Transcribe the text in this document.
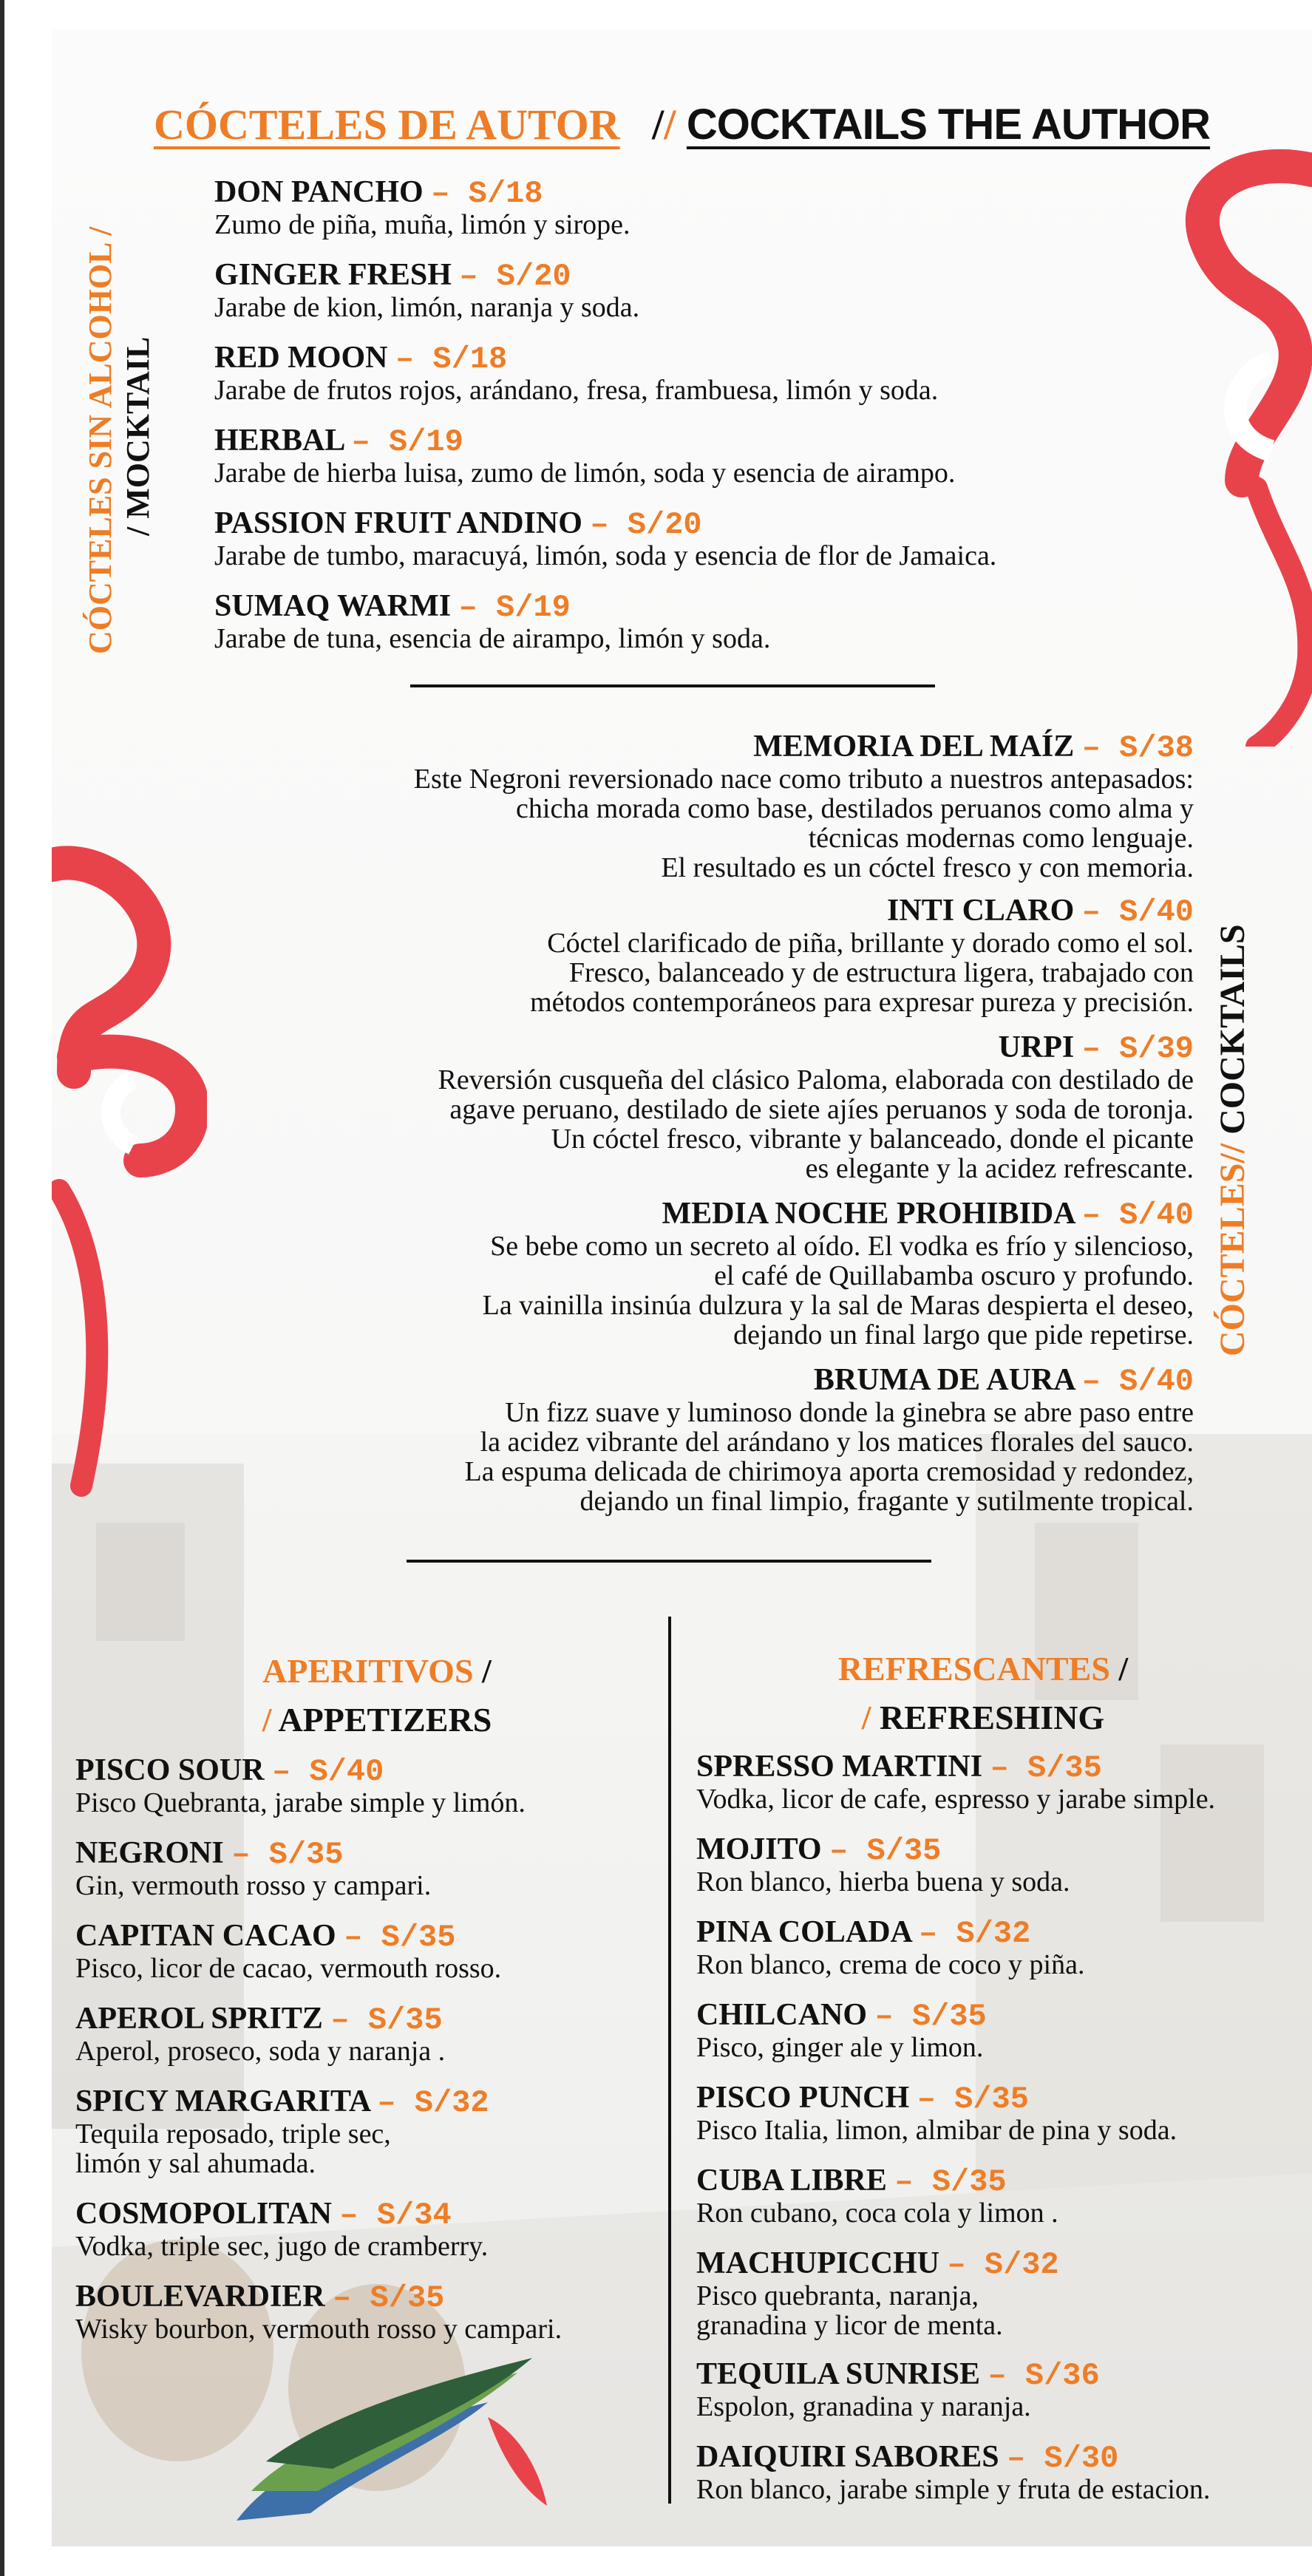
CÓCTELES DE AUTOR // COCKTAILS THE AUTHOR
CÓCTELES SIN ALCOHOL / / MOCKTAIL
DON PANCHO – S/18
Zumo de piña, muña, limón y sirope.
GINGER FRESH – S/20
Jarabe de kion, limón, naranja y soda.
RED MOON – S/18
Jarabe de frutos rojos, arándano, fresa, frambuesa, limón y soda.
HERBAL – S/19
Jarabe de hierba luisa, zumo de limón, soda y esencia de airampo.
PASSION FRUIT ANDINO – S/20
Jarabe de tumbo, maracuyá, limón, soda y esencia de flor de Jamaica.
SUMAQ WARMI – S/19
Jarabe de tuna, esencia de airampo, limón y soda.
CÓCTELES// COCKTAILS
MEMORIA DEL MAÍZ – S/38
Este Negroni reversionado nace como tributo a nuestros antepasados:
chicha morada como base, destilados peruanos como alma y
técnicas modernas como lenguaje.
El resultado es un cóctel fresco y con memoria.
INTI CLARO – S/40
Cóctel clarificado de piña, brillante y dorado como el sol.
Fresco, balanceado y de estructura ligera, trabajado con
métodos contemporáneos para expresar pureza y precisión.
URPI – S/39
Reversión cusqueña del clásico Paloma, elaborada con destilado de
agave peruano, destilado de siete ajíes peruanos y soda de toronja.
Un cóctel fresco, vibrante y balanceado, donde el picante
es elegante y la acidez refrescante.
MEDIA NOCHE PROHIBIDA – S/40
Se bebe como un secreto al oído. El vodka es frío y silencioso,
el café de Quillabamba oscuro y profundo.
La vainilla insinúa dulzura y la sal de Maras despierta el deseo,
dejando un final largo que pide repetirse.
BRUMA DE AURA – S/40
Un fizz suave y luminoso donde la ginebra se abre paso entre
la acidez vibrante del arándano y los matices florales del sauco.
La espuma delicada de chirimoya aporta cremosidad y redondez,
dejando un final limpio, fragante y sutilmente tropical.
APERITIVOS /
/ APPETIZERS
REFRESCANTES /
/ REFRESHING
PISCO SOUR – S/40
Pisco Quebranta, jarabe simple y limón.
NEGRONI – S/35
Gin, vermouth rosso y campari.
CAPITAN CACAO – S/35
Pisco, licor de cacao, vermouth rosso.
APEROL SPRITZ – S/35
Aperol, proseco, soda y naranja .
SPICY MARGARITA – S/32
Tequila reposado, triple sec,
limón y sal ahumada.
COSMOPOLITAN – S/34
Vodka, triple sec, jugo de cramberry.
BOULEVARDIER – S/35
Wisky bourbon, vermouth rosso y campari.
SPRESSO MARTINI – S/35
Vodka, licor de cafe, espresso y jarabe simple.
MOJITO – S/35
Ron blanco, hierba buena y soda.
PINA COLADA – S/32
Ron blanco, crema de coco y piña.
CHILCANO – S/35
Pisco, ginger ale y limon.
PISCO PUNCH – S/35
Pisco Italia, limon, almibar de pina y soda.
CUBA LIBRE – S/35
Ron cubano, coca cola y limon .
MACHUPICCHU – S/32
Pisco quebranta, naranja,
granadina y licor de menta.
TEQUILA SUNRISE – S/36
Espolon, granadina y naranja.
DAIQUIRI SABORES – S/30
Ron blanco, jarabe simple y fruta de estacion.
